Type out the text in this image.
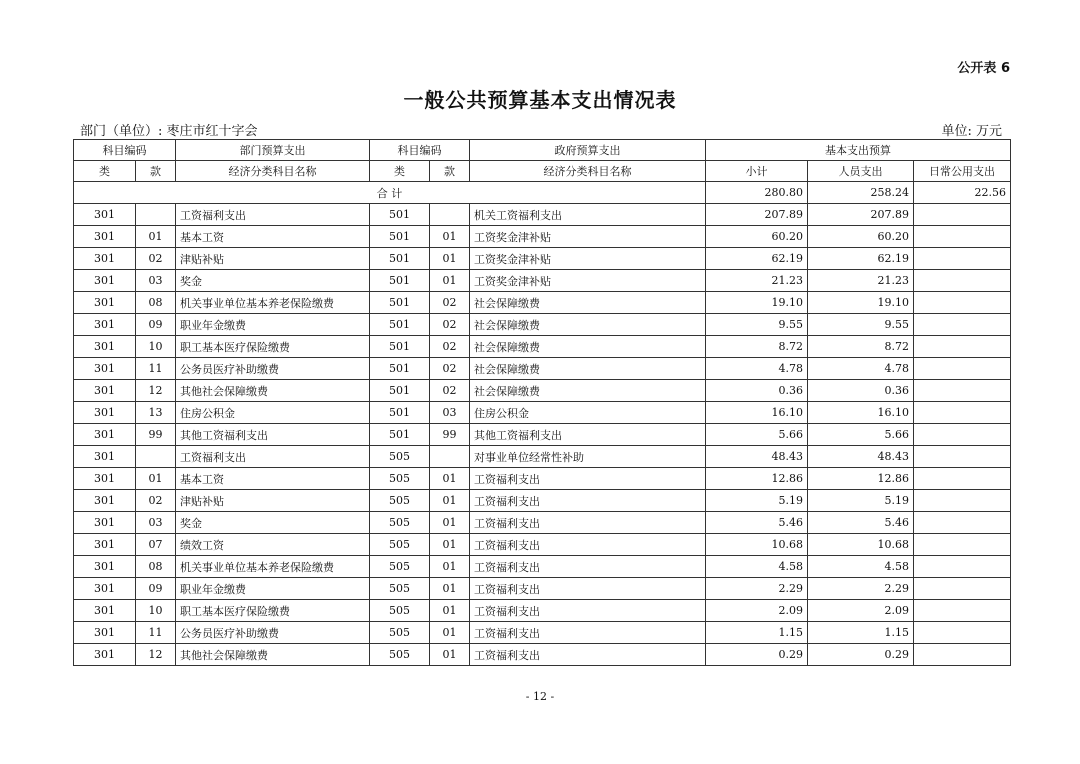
公开表 6
一般公共预算基本支出情况表
部门（单位）: 枣庄市红十字会	单位: 万元
科目编码		部门预算支出	科目编码		政府预算支出	基本支出预算		
类	款	经济分类科目名称	类	款	经济分类科目名称	小计	人员支出	日常公用支出
合 计						280.80	258.24	22.56
301		工资福利支出	501		机关工资福利支出	207.89	207.89	
301	01	基本工资	501	01	工资奖金津补贴	60.20	60.20	
301	02	津贴补贴	501	01	工资奖金津补贴	62.19	62.19	
301	03	奖金	501	01	工资奖金津补贴	21.23	21.23	
301	08	机关事业单位基本养老保险缴费	501	02	社会保障缴费	19.10	19.10	
301	09	职业年金缴费	501	02	社会保障缴费	9.55	9.55	
301	10	职工基本医疗保险缴费	501	02	社会保障缴费	8.72	8.72	
301	11	公务员医疗补助缴费	501	02	社会保障缴费	4.78	4.78	
301	12	其他社会保障缴费	501	02	社会保障缴费	0.36	0.36	
301	13	住房公积金	501	03	住房公积金	16.10	16.10	
301	99	其他工资福利支出	501	99	其他工资福利支出	5.66	5.66	
301		工资福利支出	505		对事业单位经常性补助	48.43	48.43	
301	01	基本工资	505	01	工资福利支出	12.86	12.86	
301	02	津贴补贴	505	01	工资福利支出	5.19	5.19	
301	03	奖金	505	01	工资福利支出	5.46	5.46	
301	07	绩效工资	505	01	工资福利支出	10.68	10.68	
301	08	机关事业单位基本养老保险缴费	505	01	工资福利支出	4.58	4.58	
301	09	职业年金缴费	505	01	工资福利支出	2.29	2.29	
301	10	职工基本医疗保险缴费	505	01	工资福利支出	2.09	2.09	
301	11	公务员医疗补助缴费	505	01	工资福利支出	1.15	1.15	
301	12	其他社会保障缴费	505	01	工资福利支出	0.29	0.29	
- 12 -
